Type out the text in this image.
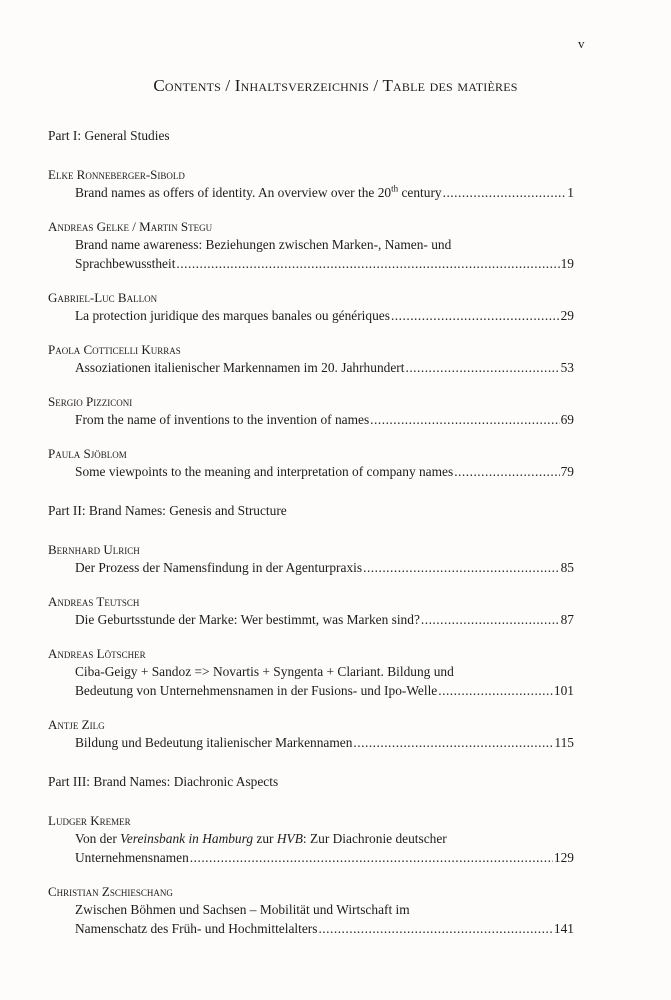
v
Contents / Inhaltsverzeichnis / Table des matières
Part I: General Studies
Elke Ronneberger-Sibold
Brand names as offers of identity. An overview over the 20th century .....	1
Andreas Gelke / Martin Stegu
Brand name awareness: Beziehungen zwischen Marken-, Namen- und
Sprachbewusstheit .....	19
Gabriel-Luc Ballon
La protection juridique des marques banales ou génériques .....	29
Paola Cotticelli Kurras
Assoziationen italienischer Markennamen im 20. Jahrhundert .....	53
Sergio Pizziconi
From the name of inventions to the invention of names .....	69
Paula Sjöblom
Some viewpoints to the meaning and interpretation of company names .....	79
Part II: Brand Names: Genesis and Structure
Bernhard Ulrich
Der Prozess der Namensfindung in der Agenturpraxis .....	85
Andreas Teutsch
Die Geburtsstunde der Marke: Wer bestimmt, was Marken sind? .....	87
Andreas Lötscher
Ciba-Geigy + Sandoz => Novartis + Syngenta + Clariant. Bildung und
Bedeutung von Unternehmensnamen in der Fusions- und Ipo-Welle .....	101
Antje Zilg
Bildung und Bedeutung italienischer Markennamen .....	115
Part III: Brand Names: Diachronic Aspects
Ludger Kremer
Von der Vereinsbank in Hamburg zur HVB: Zur Diachronie deutscher
Unternehmensnamen .....	129
Christian Zschieschang
Zwischen Böhmen und Sachsen – Mobilität und Wirtschaft im
Namenschatz des Früh- und Hochmittelalters .....	141
